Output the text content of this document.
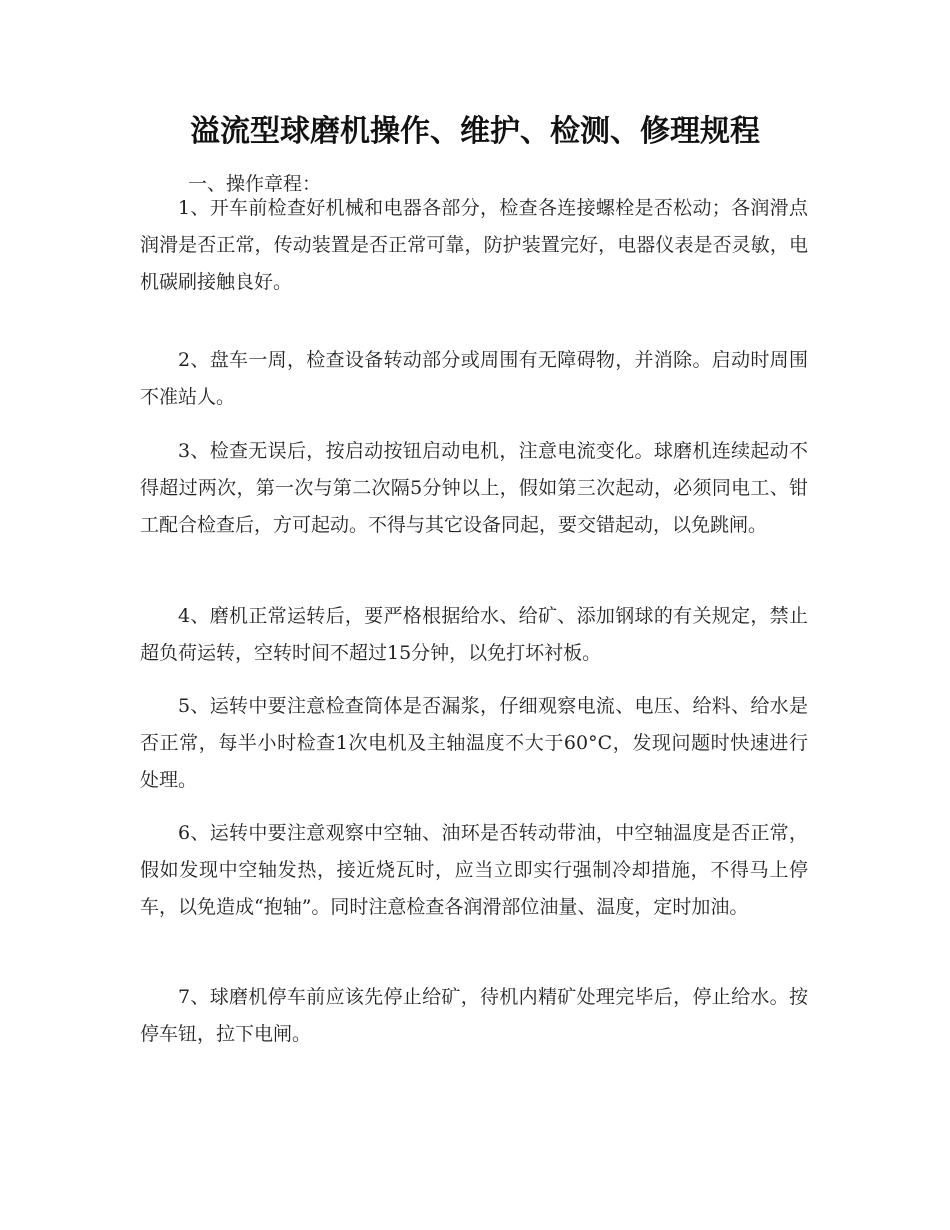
溢流型球磨机操作、维护、检测、修理规程
一、操作章程：
1、开车前检查好机械和电器各部分，检查各连接螺栓是否松动；各润滑点润滑是否正常，传动装置是否正常可靠，防护装置完好，电器仪表是否灵敏，电机碳刷接触良好。
2、盘车一周，检查设备转动部分或周围有无障碍物，并消除。启动时周围不准站人。
3、检查无误后，按启动按钮启动电机，注意电流变化。球磨机连续起动不得超过两次，第一次与第二次隔5分钟以上，假如第三次起动，必须同电工、钳工配合检查后，方可起动。不得与其它设备同起，要交错起动，以免跳闸。
4、磨机正常运转后，要严格根据给水、给矿、添加钢球的有关规定，禁止超负荷运转，空转时间不超过15分钟，以免打坏衬板。
5、运转中要注意检查筒体是否漏浆，仔细观察电流、电压、给料、给水是否正常，每半小时检查1次电机及主轴温度不大于60°C，发现问题时快速进行处理。
6、运转中要注意观察中空轴、油环是否转动带油，中空轴温度是否正常，假如发现中空轴发热，接近烧瓦时，应当立即实行强制冷却措施，不得马上停车，以免造成“抱轴”。同时注意检查各润滑部位油量、温度，定时加油。
7、球磨机停车前应该先停止给矿，待机内精矿处理完毕后，停止给水。按停车钮，拉下电闸。
